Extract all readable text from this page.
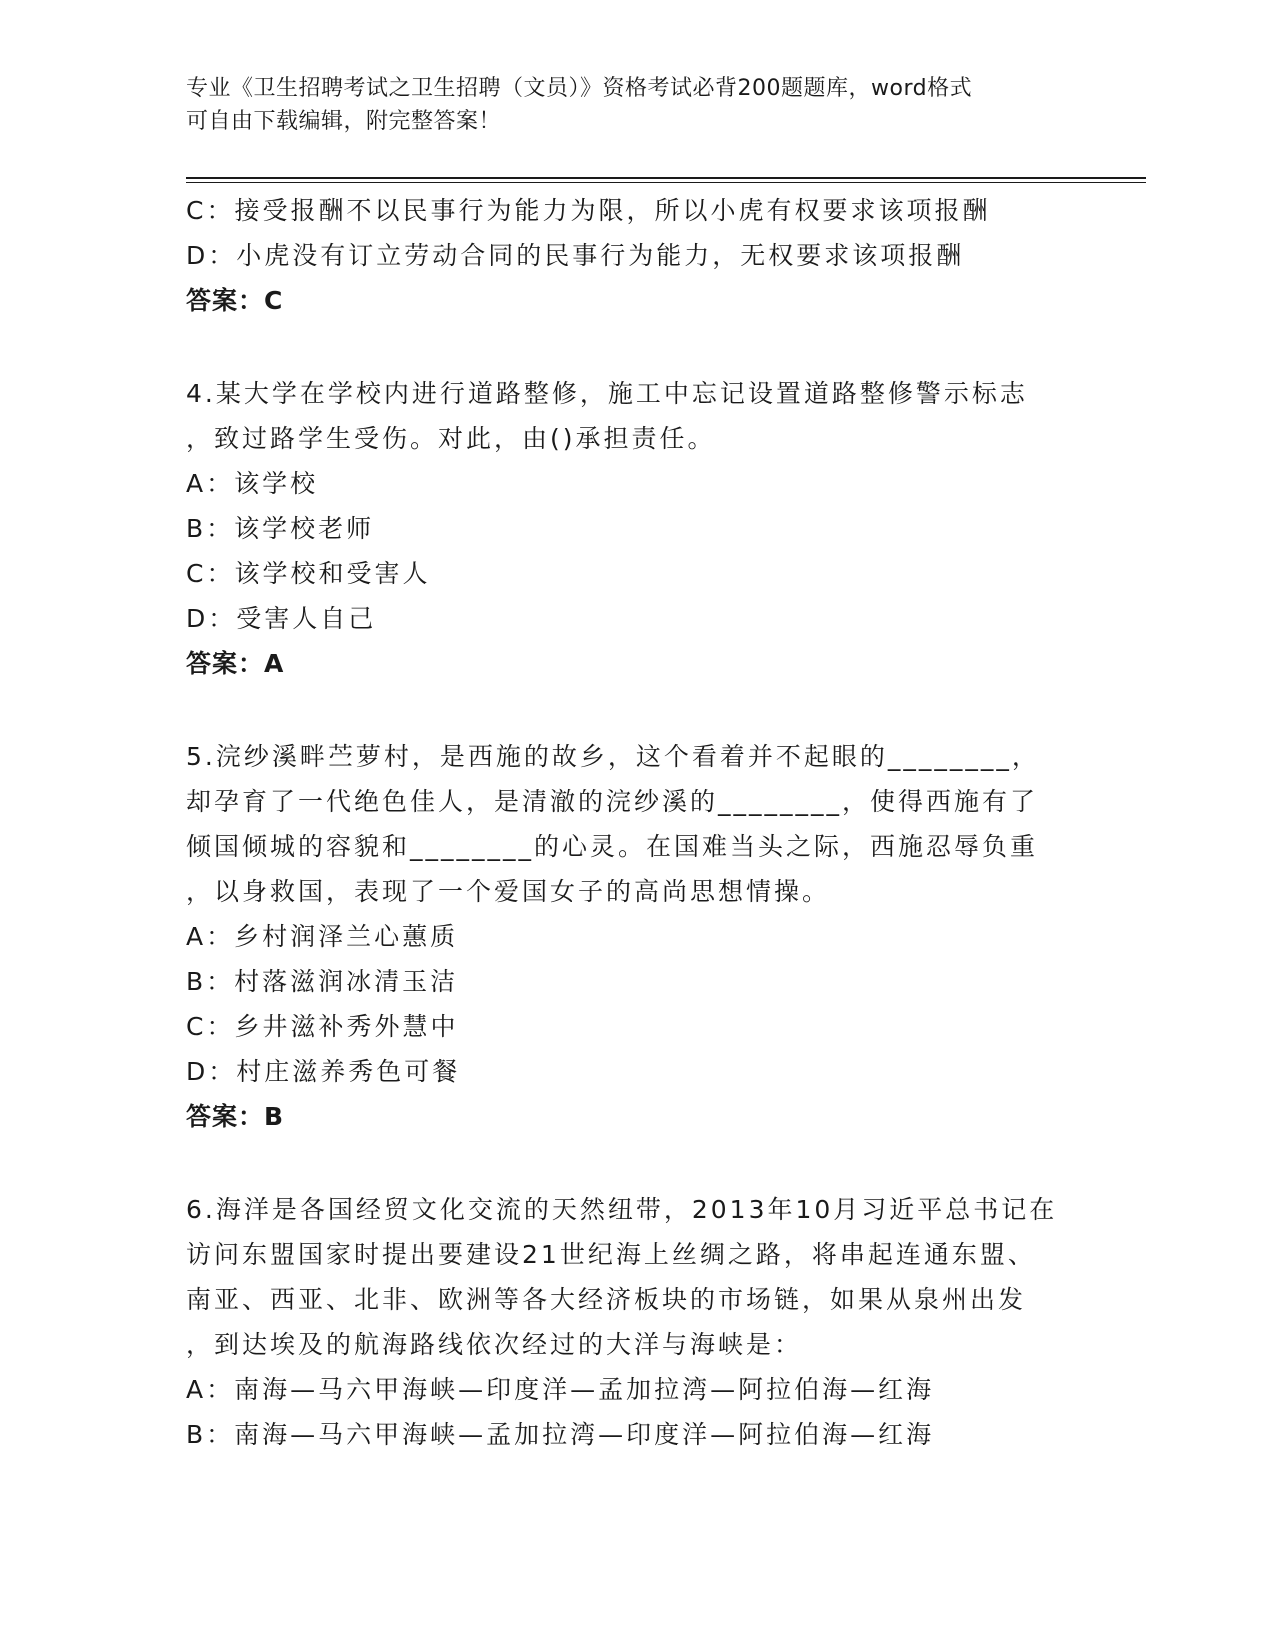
专业《卫生招聘考试之卫生招聘（文员）》资格考试必背200题题库，word格式
可自由下载编辑，附完整答案！
C：接受报酬不以民事行为能力为限，所以小虎有权要求该项报酬
D：小虎没有订立劳动合同的民事行为能力，无权要求该项报酬
答案：C
4.某大学在学校内进行道路整修，施工中忘记设置道路整修警示标志
，致过路学生受伤。对此，由()承担责任。
A：该学校
B：该学校老师
C：该学校和受害人
D：受害人自己
答案：A
5.浣纱溪畔苎萝村，是西施的故乡，这个看着并不起眼的________，
却孕育了一代绝色佳人，是清澈的浣纱溪的________，使得西施有了
倾国倾城的容貌和________的心灵。在国难当头之际，西施忍辱负重
，以身救国，表现了一个爱国女子的高尚思想情操。
A：乡村润泽兰心蕙质
B：村落滋润冰清玉洁
C：乡井滋补秀外慧中
D：村庄滋养秀色可餐
答案：B
6.海洋是各国经贸文化交流的天然纽带，2013年10月习近平总书记在
访问东盟国家时提出要建设21世纪海上丝绸之路，将串起连通东盟、
南亚、西亚、北非、欧洲等各大经济板块的市场链，如果从泉州出发
，到达埃及的航海路线依次经过的大洋与海峡是：
A：南海—马六甲海峡—印度洋—孟加拉湾—阿拉伯海—红海
B：南海—马六甲海峡—孟加拉湾—印度洋—阿拉伯海—红海
